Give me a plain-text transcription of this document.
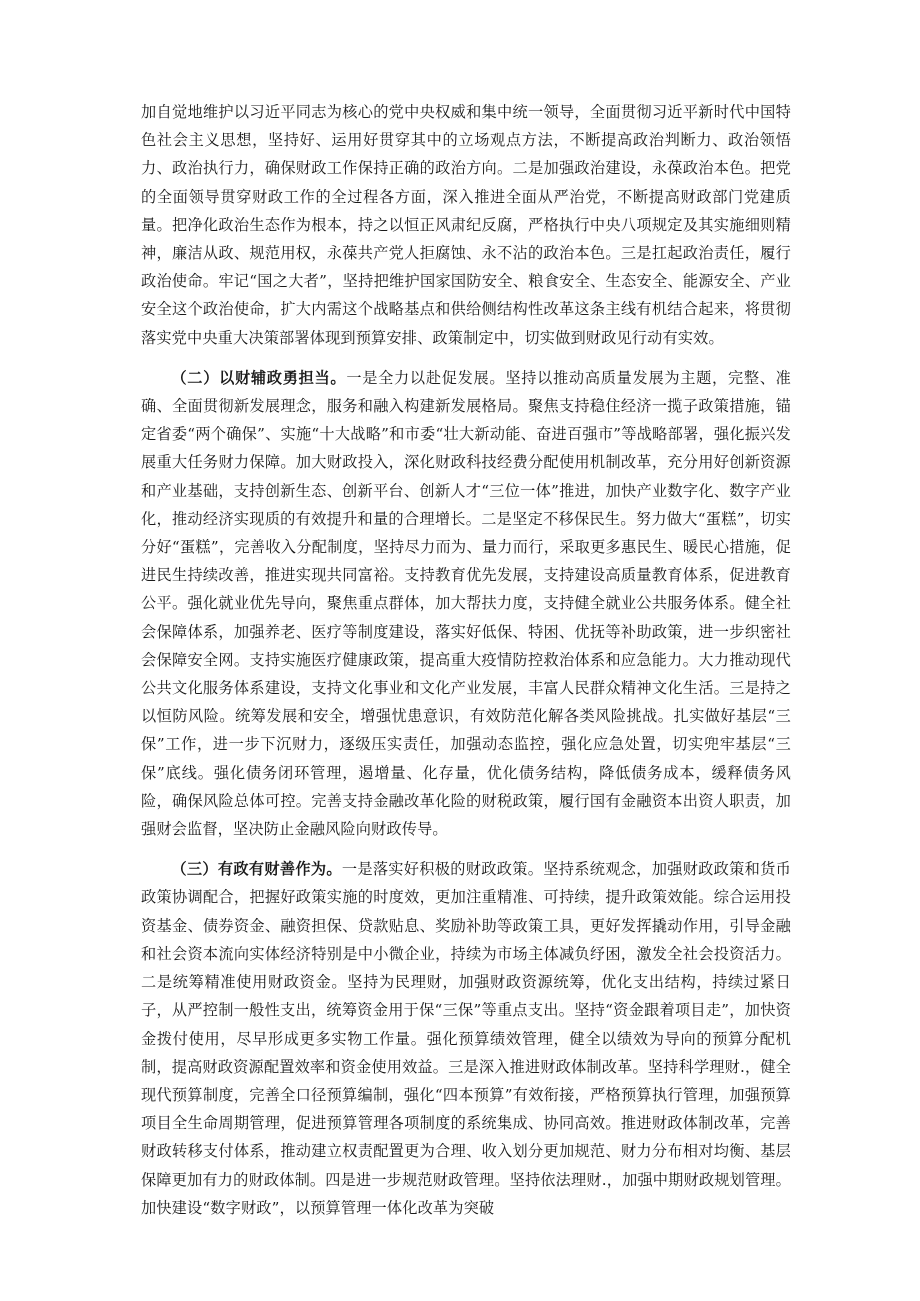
加自觉地维护以习近平同志为核心的党中央权威和集中统一领导，全面贯彻习近平新时代中国特色社会主义思想，坚持好、运用好贯穿其中的立场观点方法，不断提高政治判断力、政治领悟力、政治执行力，确保财政工作保持正确的政治方向。二是加强政治建设，永葆政治本色。把党的全面领导贯穿财政工作的全过程各方面，深入推进全面从严治党，不断提高财政部门党建质量。把净化政治生态作为根本，持之以恒正风肃纪反腐，严格执行中央八项规定及其实施细则精神，廉洁从政、规范用权，永葆共产党人拒腐蚀、永不沾的政治本色。三是扛起政治责任，履行政治使命。牢记“国之大者”，坚持把维护国家国防安全、粮食安全、生态安全、能源安全、产业安全这个政治使命，扩大内需这个战略基点和供给侧结构性改革这条主线有机结合起来，将贯彻落实党中央重大决策部署体现到预算安排、政策制定中，切实做到财政见行动有实效。

（二）以财辅政勇担当。一是全力以赴促发展。坚持以推动高质量发展为主题，完整、准确、全面贯彻新发展理念，服务和融入构建新发展格局。聚焦支持稳住经济一揽子政策措施，锚定省委“两个确保”、实施“十大战略”和市委“壮大新动能、奋进百强市”等战略部署，强化振兴发展重大任务财力保障。加大财政投入，深化财政科技经费分配使用机制改革，充分用好创新资源和产业基础，支持创新生态、创新平台、创新人才“三位一体”推进，加快产业数字化、数字产业化，推动经济实现质的有效提升和量的合理增长。二是坚定不移保民生。努力做大“蛋糕”，切实分好“蛋糕”，完善收入分配制度，坚持尽力而为、量力而行，采取更多惠民生、暖民心措施，促进民生持续改善，推进实现共同富裕。支持教育优先发展，支持建设高质量教育体系，促进教育公平。强化就业优先导向，聚焦重点群体，加大帮扶力度，支持健全就业公共服务体系。健全社会保障体系，加强养老、医疗等制度建设，落实好低保、特困、优抚等补助政策，进一步织密社会保障安全网。支持实施医疗健康政策，提高重大疫情防控救治体系和应急能力。大力推动现代公共文化服务体系建设，支持文化事业和文化产业发展，丰富人民群众精神文化生活。三是持之以恒防风险。统筹发展和安全，增强忧患意识，有效防范化解各类风险挑战。扎实做好基层“三保”工作，进一步下沉财力，逐级压实责任，加强动态监控，强化应急处置，切实兜牢基层“三保”底线。强化债务闭环管理，遏增量、化存量，优化债务结构，降低债务成本，缓释债务风险，确保风险总体可控。完善支持金融改革化险的财税政策，履行国有金融资本出资人职责，加强财会监督，坚决防止金融风险向财政传导。

（三）有政有财善作为。一是落实好积极的财政政策。坚持系统观念，加强财政政策和货币政策协调配合，把握好政策实施的时度效，更加注重精准、可持续，提升政策效能。综合运用投资基金、债券资金、融资担保、贷款贴息、奖励补助等政策工具，更好发挥撬动作用，引导金融和社会资本流向实体经济特别是中小微企业，持续为市场主体减负纾困，激发全社会投资活力。二是统筹精准使用财政资金。坚持为民理财，加强财政资源统筹，优化支出结构，持续过紧日子，从严控制一般性支出，统筹资金用于保“三保”等重点支出。坚持“资金跟着项目走”，加快资金拨付使用，尽早形成更多实物工作量。强化预算绩效管理，健全以绩效为导向的预算分配机制，提高财政资源配置效率和资金使用效益。三是深入推进财政体制改革。坚持科学理财.，健全现代预算制度，完善全口径预算编制，强化“四本预算”有效衔接，严格预算执行管理，加强预算项目全生命周期管理，促进预算管理各项制度的系统集成、协同高效。推进财政体制改革，完善财政转移支付体系，推动建立权责配置更为合理、收入划分更加规范、财力分布相对均衡、基层保障更加有力的财政体制。四是进一步规范财政管理。坚持依法理财.，加强中期财政规划管理。加快建设“数字财政”，以预算管理一体化改革为突破
